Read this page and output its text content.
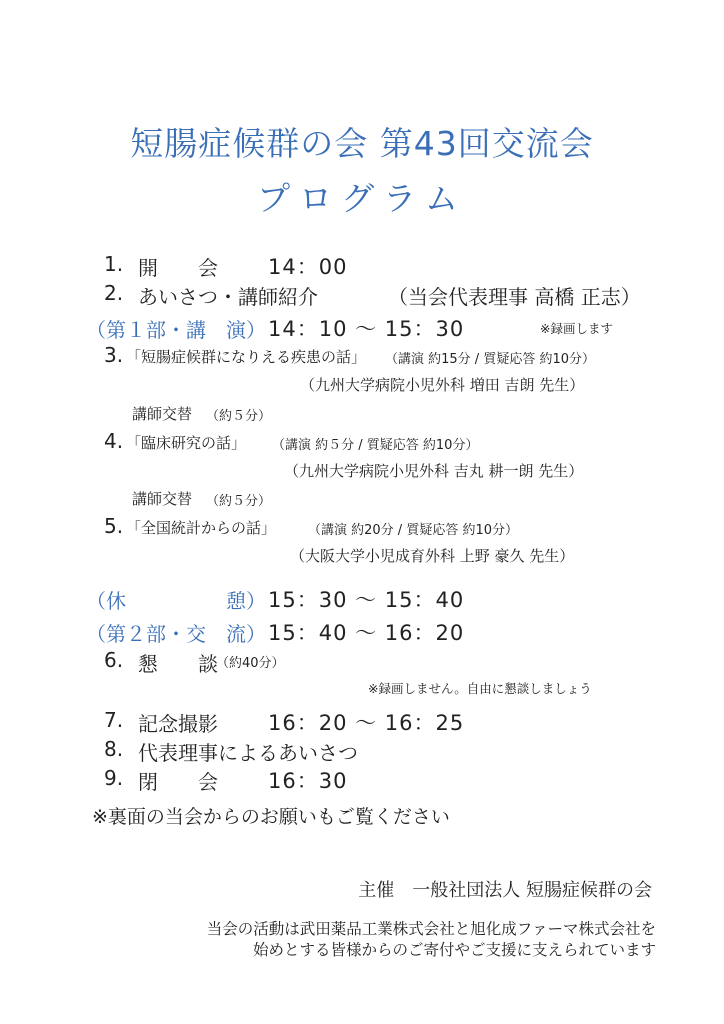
短腸症候群の会 第43回交流会
プログラム
1. 開　　会 14：00
2. あいさつ・講師紹介	（当会代表理事 高橋 正志）
（第１部・講　演） 14：10 ～ 15：30	※録画します
3. 「短腸症候群になりえる疾患の話」 （講演 約15分 / 質疑応答 約10分）
（九州大学病院小児外科 増田 吉朗 先生）
講師交替 （約５分）
4. 「臨床研究の話」 （講演 約５分 / 質疑応答 約10分）
（九州大学病院小児外科 吉丸 耕一朗 先生）
講師交替 （約５分）
5. 「全国統計からの話」 （講演 約20分 / 質疑応答 約10分）
（大阪大学小児成育外科 上野 豪久 先生）
（休　　　　　憩） 15：30 ～ 15：40
（第２部・交　流） 15：40 ～ 16：20
6. 懇　　談
（約40分）
※録画しません。自由に懇談しましょう
7. 記念撮影 16：20 ～ 16：25
8. 代表理事によるあいさつ
9. 閉　　会 16：30
※裏面の当会からのお願いもご覧ください
主催　一般社団法人 短腸症候群の会
当会の活動は武田薬品工業株式会社と旭化成ファーマ株式会社を
始めとする皆様からのご寄付やご支援に支えられています
